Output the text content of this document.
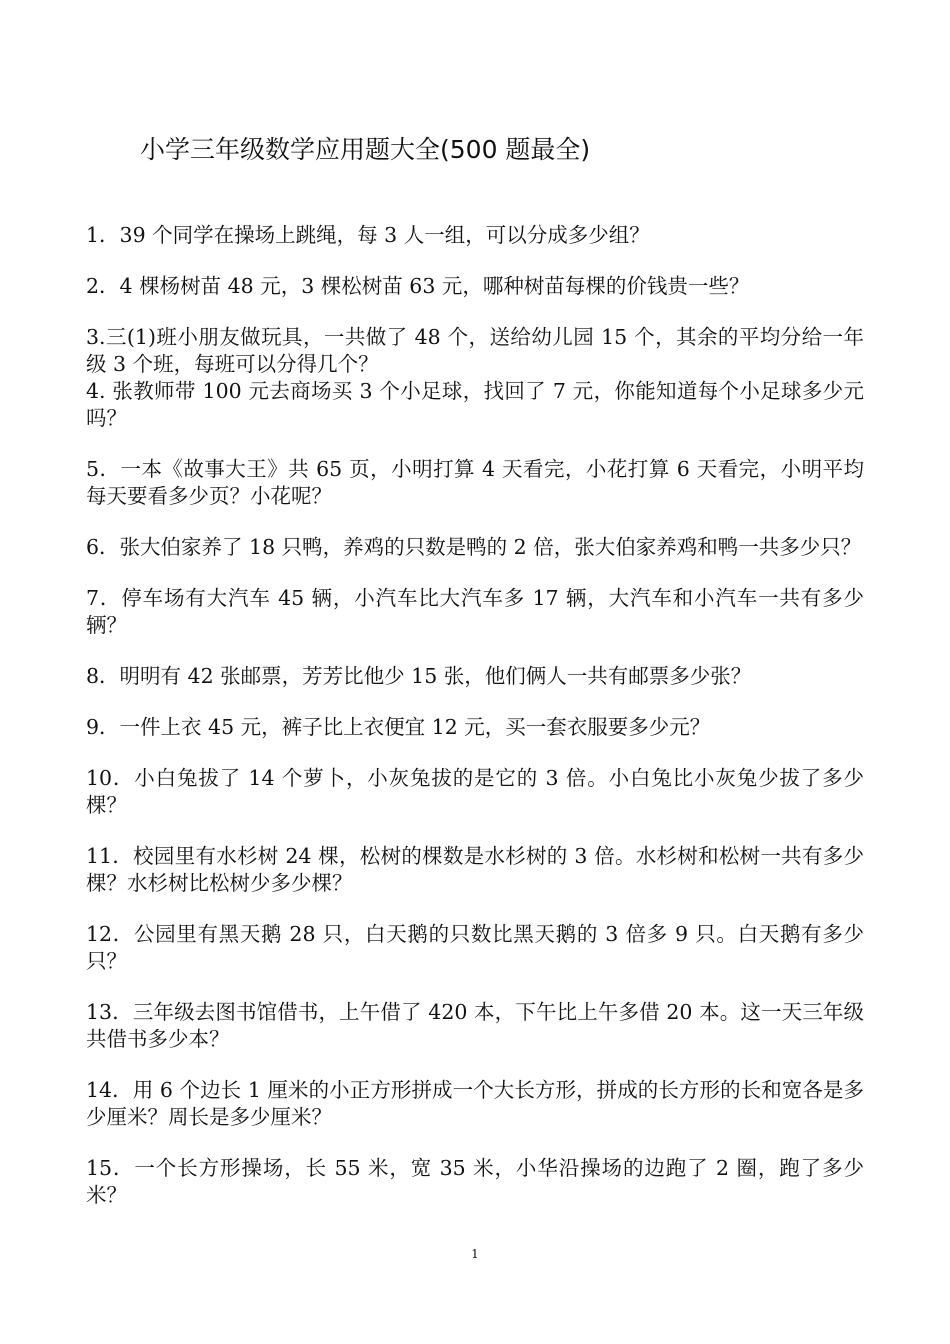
小学三年级数学应用题大全(500 题最全)

1．39 个同学在操场上跳绳，每 3 人一组，可以分成多少组？

2．4 棵杨树苗 48 元，3 棵松树苗 63 元，哪种树苗每棵的价钱贵一些？

3.三(1)班小朋友做玩具，一共做了 48 个，送给幼儿园 15 个，其余的平均分给一年级 3 个班，每班可以分得几个？

4. 张教师带 100 元去商场买 3 个小足球，找回了 7 元，你能知道每个小足球多少元吗？

5．一本《故事大王》共 65 页，小明打算 4 天看完，小花打算 6 天看完，小明平均每天要看多少页？小花呢？

6．张大伯家养了 18 只鸭，养鸡的只数是鸭的 2 倍，张大伯家养鸡和鸭一共多少只？

7．停车场有大汽车 45 辆，小汽车比大汽车多 17 辆，大汽车和小汽车一共有多少辆？

8．明明有 42 张邮票，芳芳比他少 15 张，他们俩人一共有邮票多少张？

9．一件上衣 45 元，裤子比上衣便宜 12 元，买一套衣服要多少元？

10．小白兔拔了 14 个萝卜，小灰兔拔的是它的 3 倍。小白兔比小灰兔少拔了多少棵？

11．校园里有水杉树 24 棵，松树的棵数是水杉树的 3 倍。水杉树和松树一共有多少棵？水杉树比松树少多少棵？

12．公园里有黑天鹅 28 只，白天鹅的只数比黑天鹅的 3 倍多 9 只。白天鹅有多少只？

13．三年级去图书馆借书，上午借了 420 本，下午比上午多借 20 本。这一天三年级共借书多少本？

14．用 6 个边长 1 厘米的小正方形拼成一个大长方形，拼成的长方形的长和宽各是多少厘米？周长是多少厘米？

15．一个长方形操场，长 55 米，宽 35 米，小华沿操场的边跑了 2 圈，跑了多少米？

1
